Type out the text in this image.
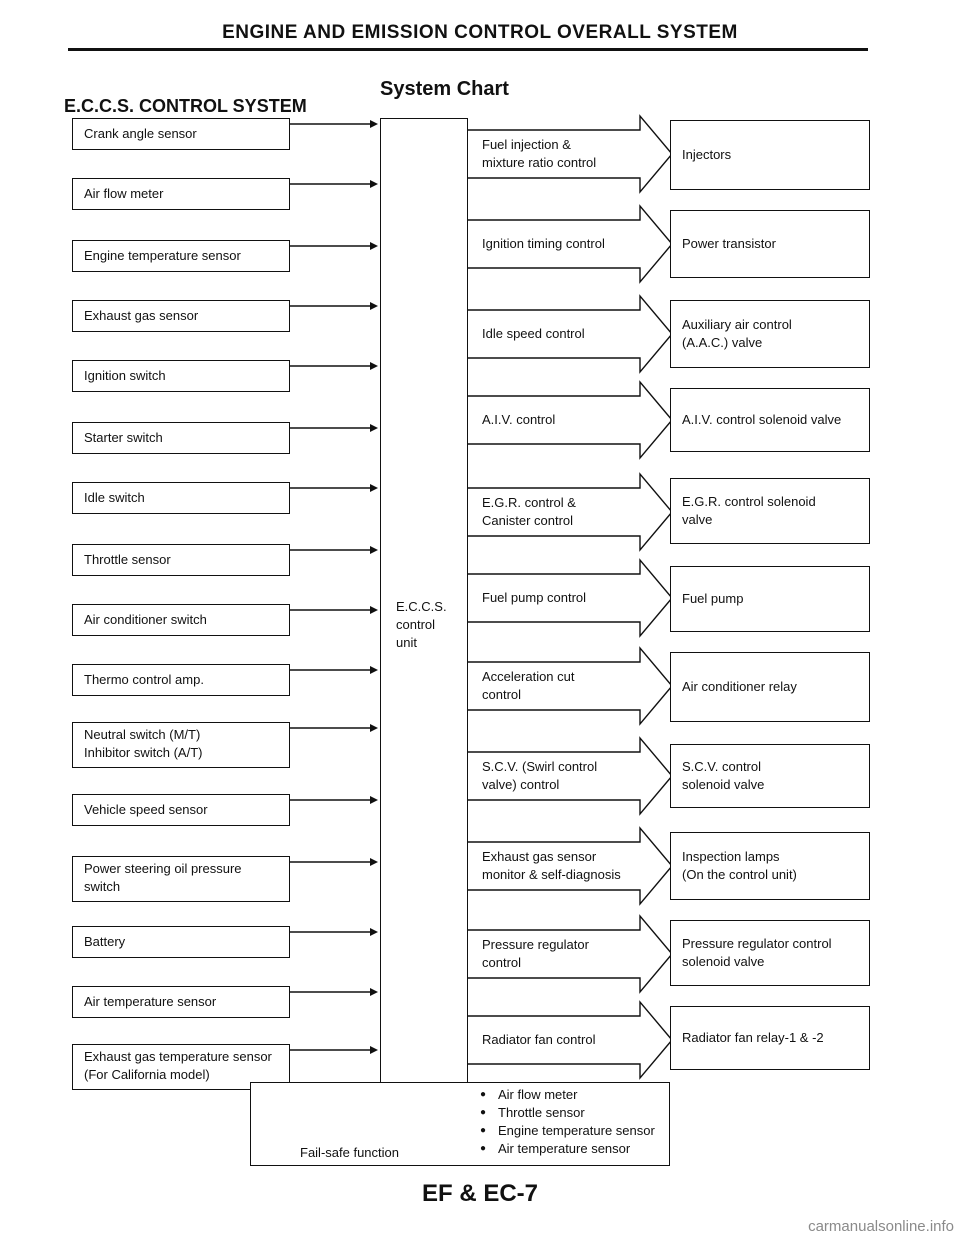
ENGINE AND EMISSION CONTROL OVERALL SYSTEM
System Chart
E.C.C.S. CONTROL SYSTEM
Crank angle sensor
Air flow meter
Engine temperature sensor
Exhaust gas sensor
Ignition switch
Starter switch
Idle switch
Throttle sensor
Air conditioner switch
Thermo control amp.
Neutral switch (M/T)
Inhibitor switch (A/T)
Vehicle speed sensor
Power steering oil pressure
switch
Battery
Air temperature sensor
Exhaust gas temperature sensor
(For California model)
E.C.C.S.
control
unit
Fuel injection &
mixture ratio control
Ignition timing control
Idle speed control
A.I.V. control
E.G.R. control &
Canister control
Fuel pump control
Acceleration cut
control
S.C.V. (Swirl control
valve) control
Exhaust gas sensor
monitor & self-diagnosis
Pressure regulator
control
Radiator fan control
Injectors
Power transistor
Auxiliary air control
(A.A.C.) valve
A.I.V. control solenoid valve
E.G.R. control solenoid
valve
Fuel pump
Air conditioner relay
S.C.V. control
solenoid valve
Inspection lamps
(On the control unit)
Pressure regulator control
solenoid valve
Radiator fan relay-1 & -2
Fail-safe function
● Air flow meter
● Throttle sensor
● Engine temperature sensor
● Air temperature sensor
EF & EC-7
carmanualsonline.info
